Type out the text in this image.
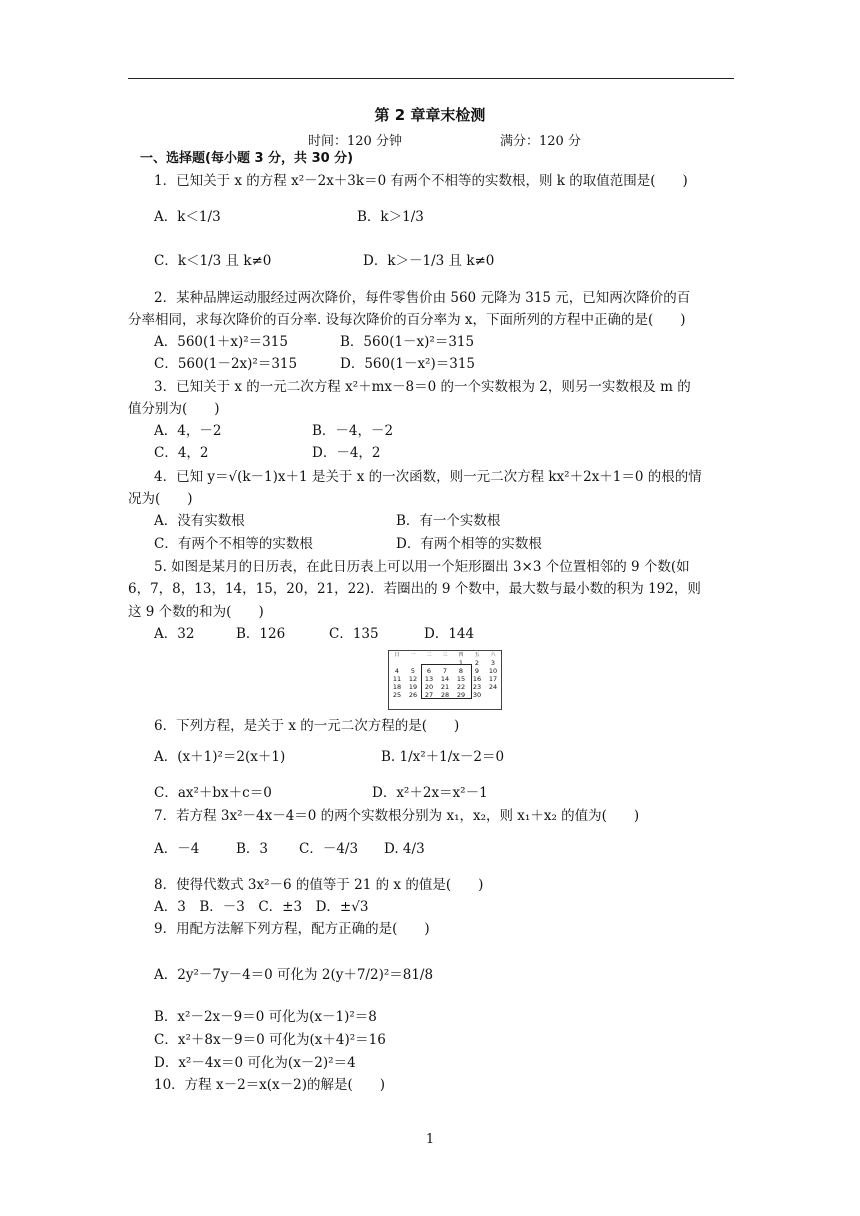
第 2 章章末检测
时间：120 分钟	满分：120 分
一、选择题(每小题 3 分，共 30 分)
1．已知关于 x 的方程 x²－2x＋3k＝0 有两个不相等的实数根，则 k 的取值范围是(　　)
A．k＜1/3	B．k＞1/3
C．k＜1/3 且 k≠0	D．k＞－1/3 且 k≠0
2．某种品牌运动服经过两次降价，每件零售价由 560 元降为 315 元，已知两次降价的百
分率相同，求每次降价的百分率. 设每次降价的百分率为 x，下面所列的方程中正确的是(　　)
A．560(1＋x)²＝315	B．560(1－x)²＝315
C．560(1－2x)²＝315	D．560(1－x²)＝315
3．已知关于 x 的一元二次方程 x²＋mx－8＝0 的一个实数根为 2，则另一实数根及 m 的
值分别为(　　)
A．4，－2	B．－4，－2
C．4，2	D．－4，2
4．已知 y＝√(k－1)x＋1 是关于 x 的一次函数，则一元二次方程 kx²＋2x＋1＝0 的根的情
况为(　　)
A．没有实数根	B．有一个实数根
C．有两个不相等的实数根	D．有两个相等的实数根
5. 如图是某月的日历表，在此日历表上可以用一个矩形圈出 3×3 个位置相邻的 9 个数(如
6，7，8，13，14，15，20，21，22)．若圈出的 9 个数中，最大数与最小数的积为 192，则
这 9 个数的和为(　　)
A．32	B．126	C．135	D．144
日	一	二	三	四	五	六
				1	2	3
4	5	6	7	8	9	10
11	12	13	14	15	16	17
18	19	20	21	22	23	24
25	26	27	28	29	30	
6．下列方程，是关于 x 的一元二次方程的是(　　)
A．(x＋1)²＝2(x＋1)	B. 1/x²＋1/x－2＝0
C．ax²＋bx＋c＝0	D．x²＋2x＝x²－1
7．若方程 3x²－4x－4＝0 的两个实数根分别为 x₁，x₂，则 x₁＋x₂ 的值为(　　)
A．－4	B．3 C．－4/3 D. 4/3
8．使得代数式 3x²－6 的值等于 21 的 x 的值是(　　)
A．3　B．－3　C．±3　D．±√3
9．用配方法解下列方程，配方正确的是(　　)
A．2y²－7y－4＝0 可化为 2(y＋7/2)²＝81/8
B．x²－2x－9＝0 可化为(x－1)²＝8
C．x²＋8x－9＝0 可化为(x＋4)²＝16
D．x²－4x＝0 可化为(x－2)²＝4
10．方程 x－2＝x(x－2)的解是(　　)
1
